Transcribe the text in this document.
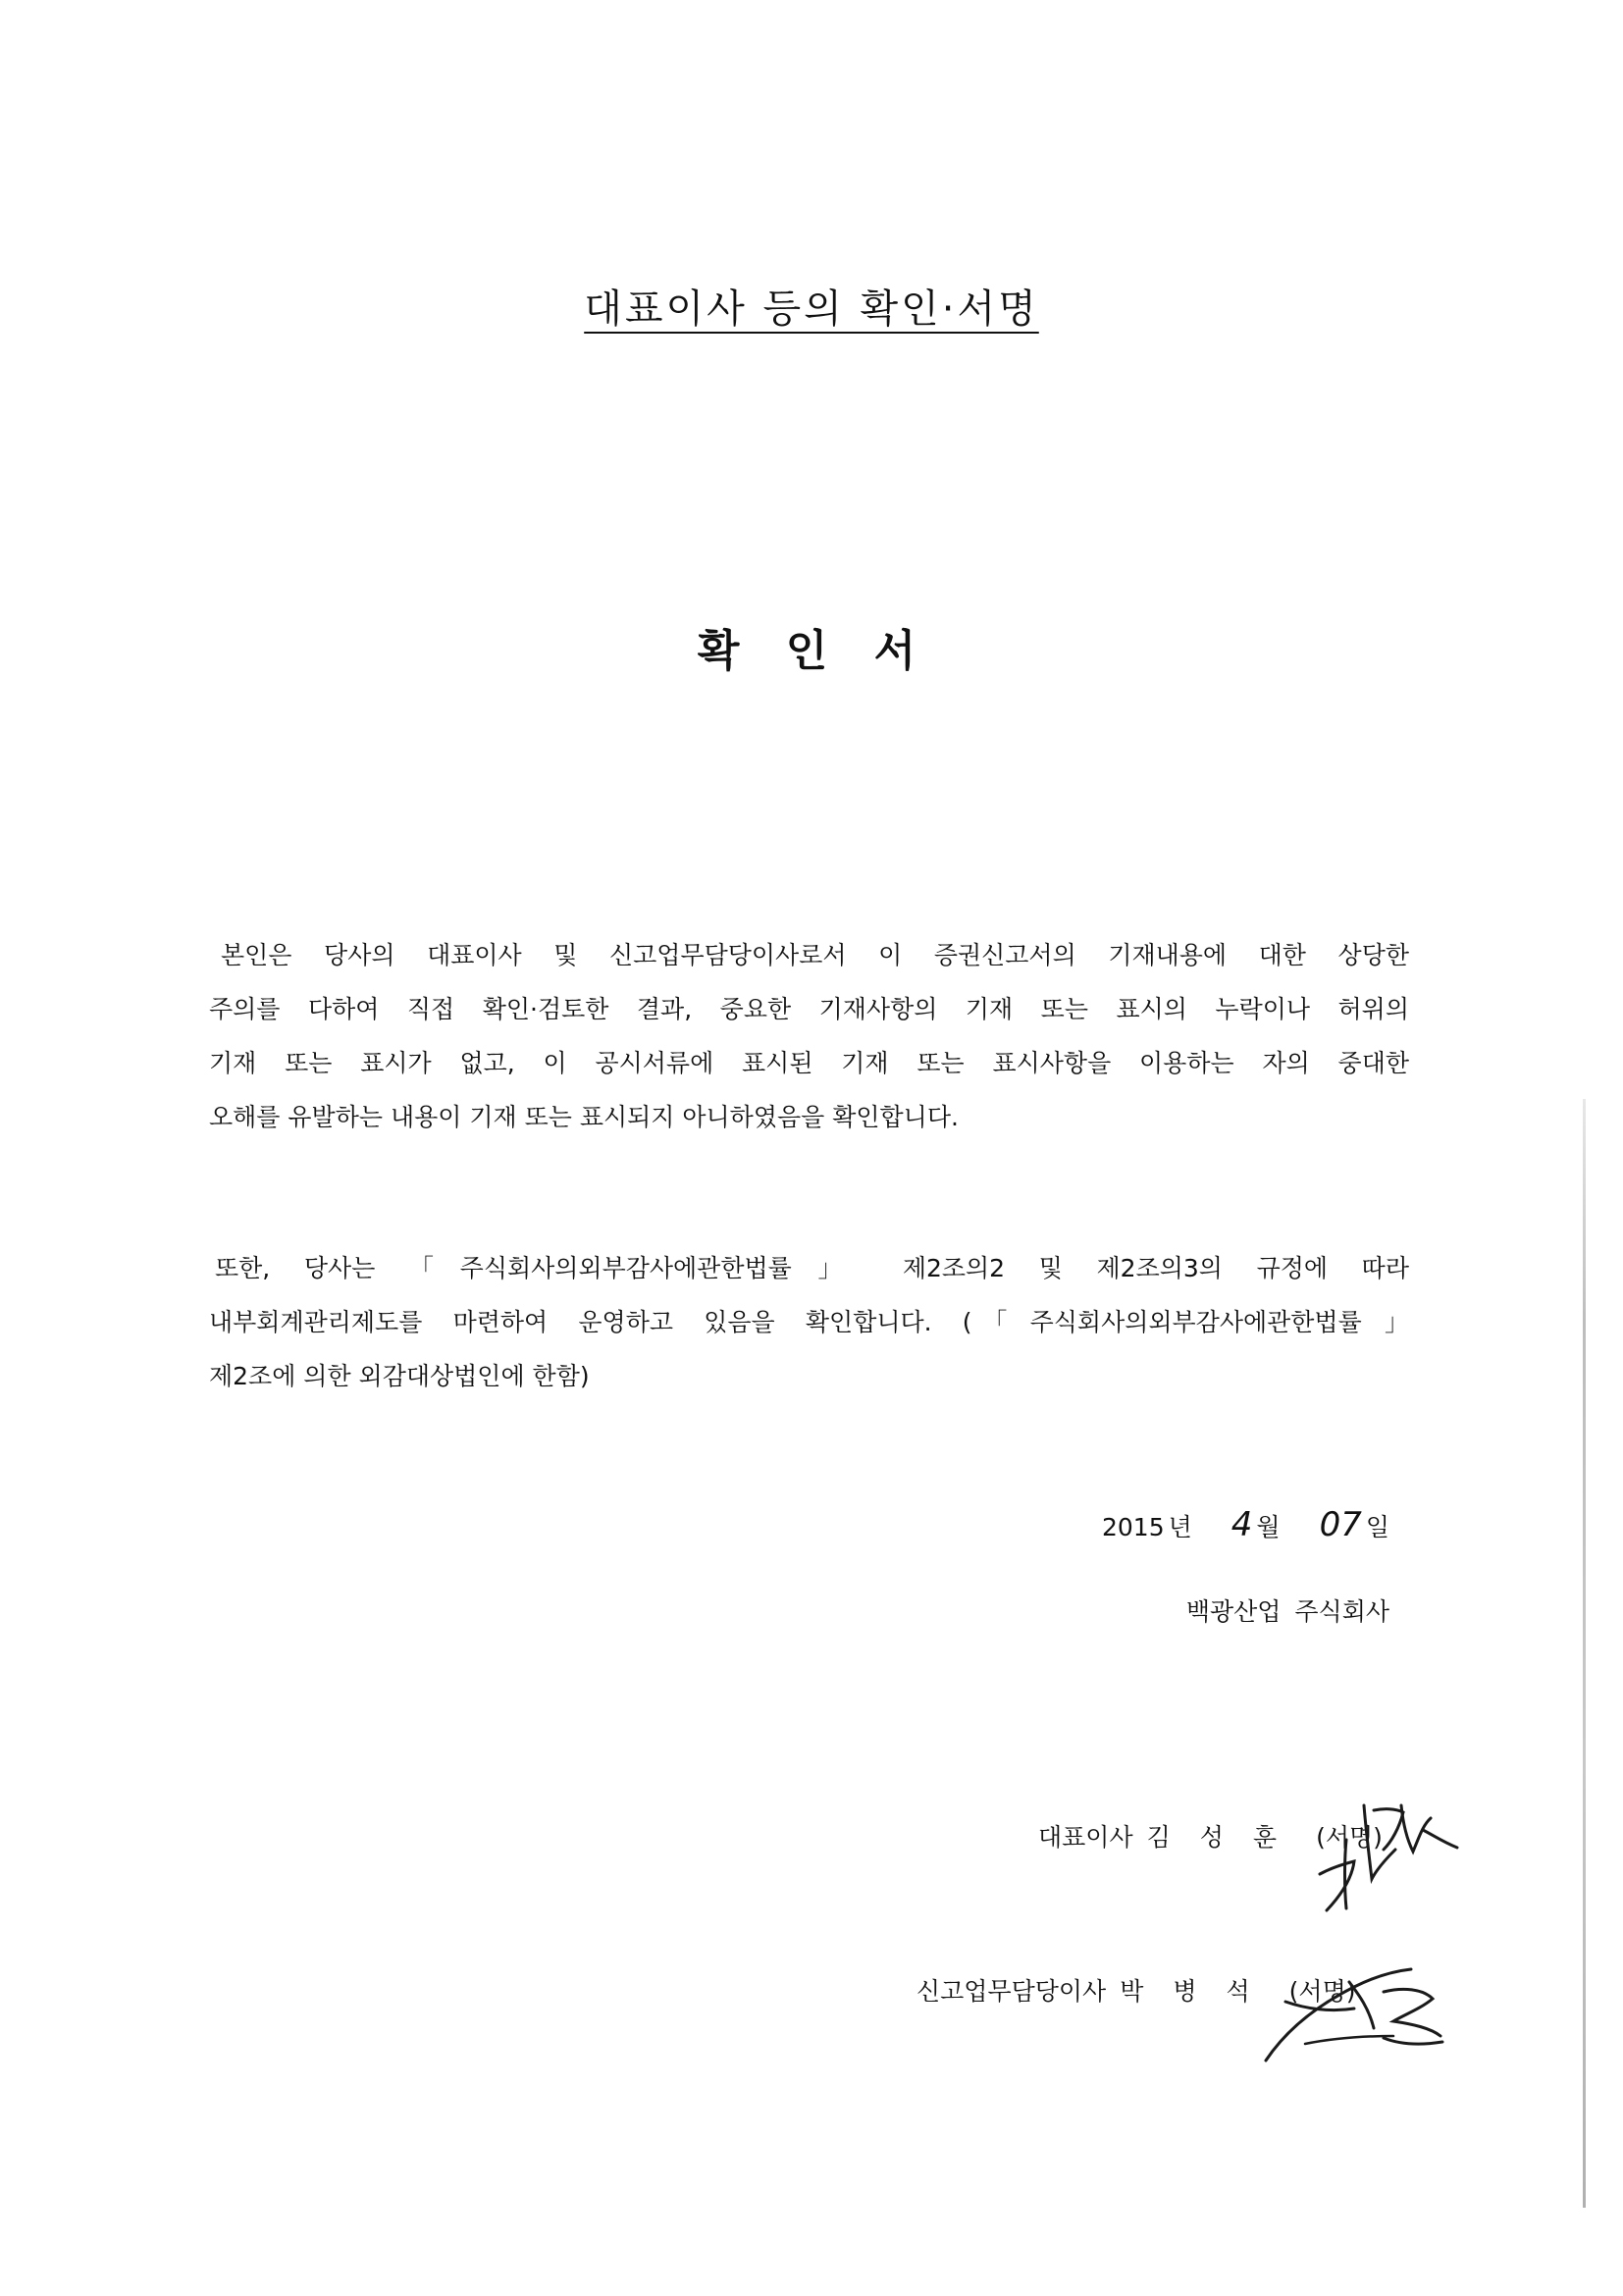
대표이사 등의 확인·서명
확 인 서
본인은 당사의 대표이사 및 신고업무담당이사로서 이 증권신고서의 기재내용에 대한 상당한
주의를 다하여 직접 확인·검토한 결과, 중요한 기재사항의 기재 또는 표시의 누락이나 허위의
기재 또는 표시가 없고, 이 공시서류에 표시된 기재 또는 표시사항을 이용하는 자의 중대한
오해를 유발하는 내용이 기재 또는 표시되지 아니하였음을 확인합니다.
또한, 당사는 「주식회사의외부감사에관한법률」 제2조의2 및 제2조의3의 규정에 따라
내부회계관리제도를 마련하여 운영하고 있음을 확인합니다. (「주식회사의외부감사에관한법률」
제2조에 의한 외감대상법인에 한함)
2015 년 4 월 07 일
백광산업 주식회사
대표이사 김 성 훈 (서명)
신고업무담당이사 박 병 석 (서명)
